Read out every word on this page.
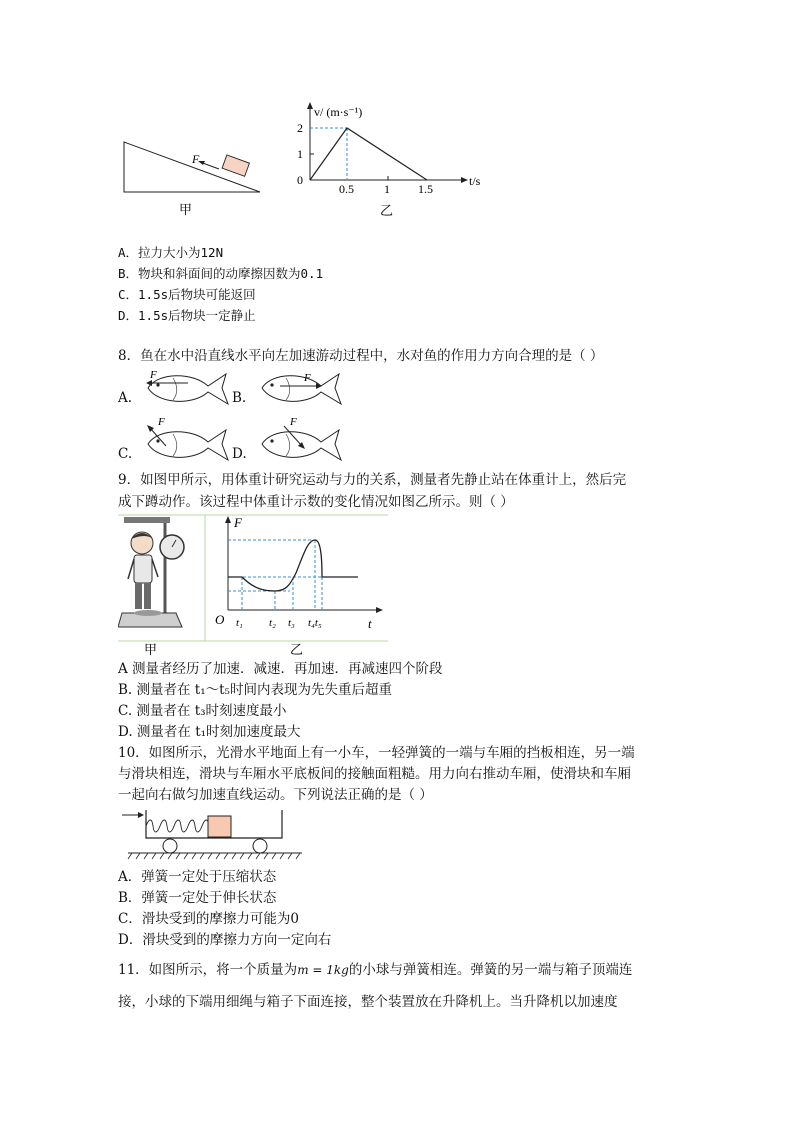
F
甲
v/ (m·s⁻¹)
t/s
2
1
0
0.5	1 1.5
乙
A．拉力大小为12N
B．物块和斜面间的动摩擦因数为0.1
C．1.5s后物块可能返回
D．1.5s后物块一定静止
8．鱼在水中沿直线水平向左加速游动过程中，水对鱼的作用力方向合理的是（ ）
A.	B.
C.	D.
F	F
F	F
9．如图甲所示，用体重计研究运动与力的关系，测量者先静止站在体重计上，然后完
成下蹲动作。该过程中体重计示数的变化情况如图乙所示。则（ ）
甲
F
O	t
t₁ t₂ t₃ t₄t₅
乙
A 测量者经历了加速．减速．再加速．再减速四个阶段
B. 测量者在 t₁～t₅时间内表现为先失重后超重
C. 测量者在 t₃时刻速度最小
D. 测量者在 t₁时刻加速度最大
10．如图所示，光滑水平地面上有一小车，一轻弹簧的一端与车厢的挡板相连，另一端
与滑块相连，滑块与车厢水平底板间的接触面粗糙。用力向右推动车厢，使滑块和车厢
一起向右做匀加速直线运动。下列说法正确的是（ ）
A．弹簧一定处于压缩状态
B．弹簧一定处于伸长状态
C．滑块受到的摩擦力可能为0
D．滑块受到的摩擦力方向一定向右
11．如图所示，将一个质量为m = 1kg的小球与弹簧相连。弹簧的另一端与箱子顶端连
接，小球的下端用细绳与箱子下面连接，整个装置放在升降机上。当升降机以加速度
